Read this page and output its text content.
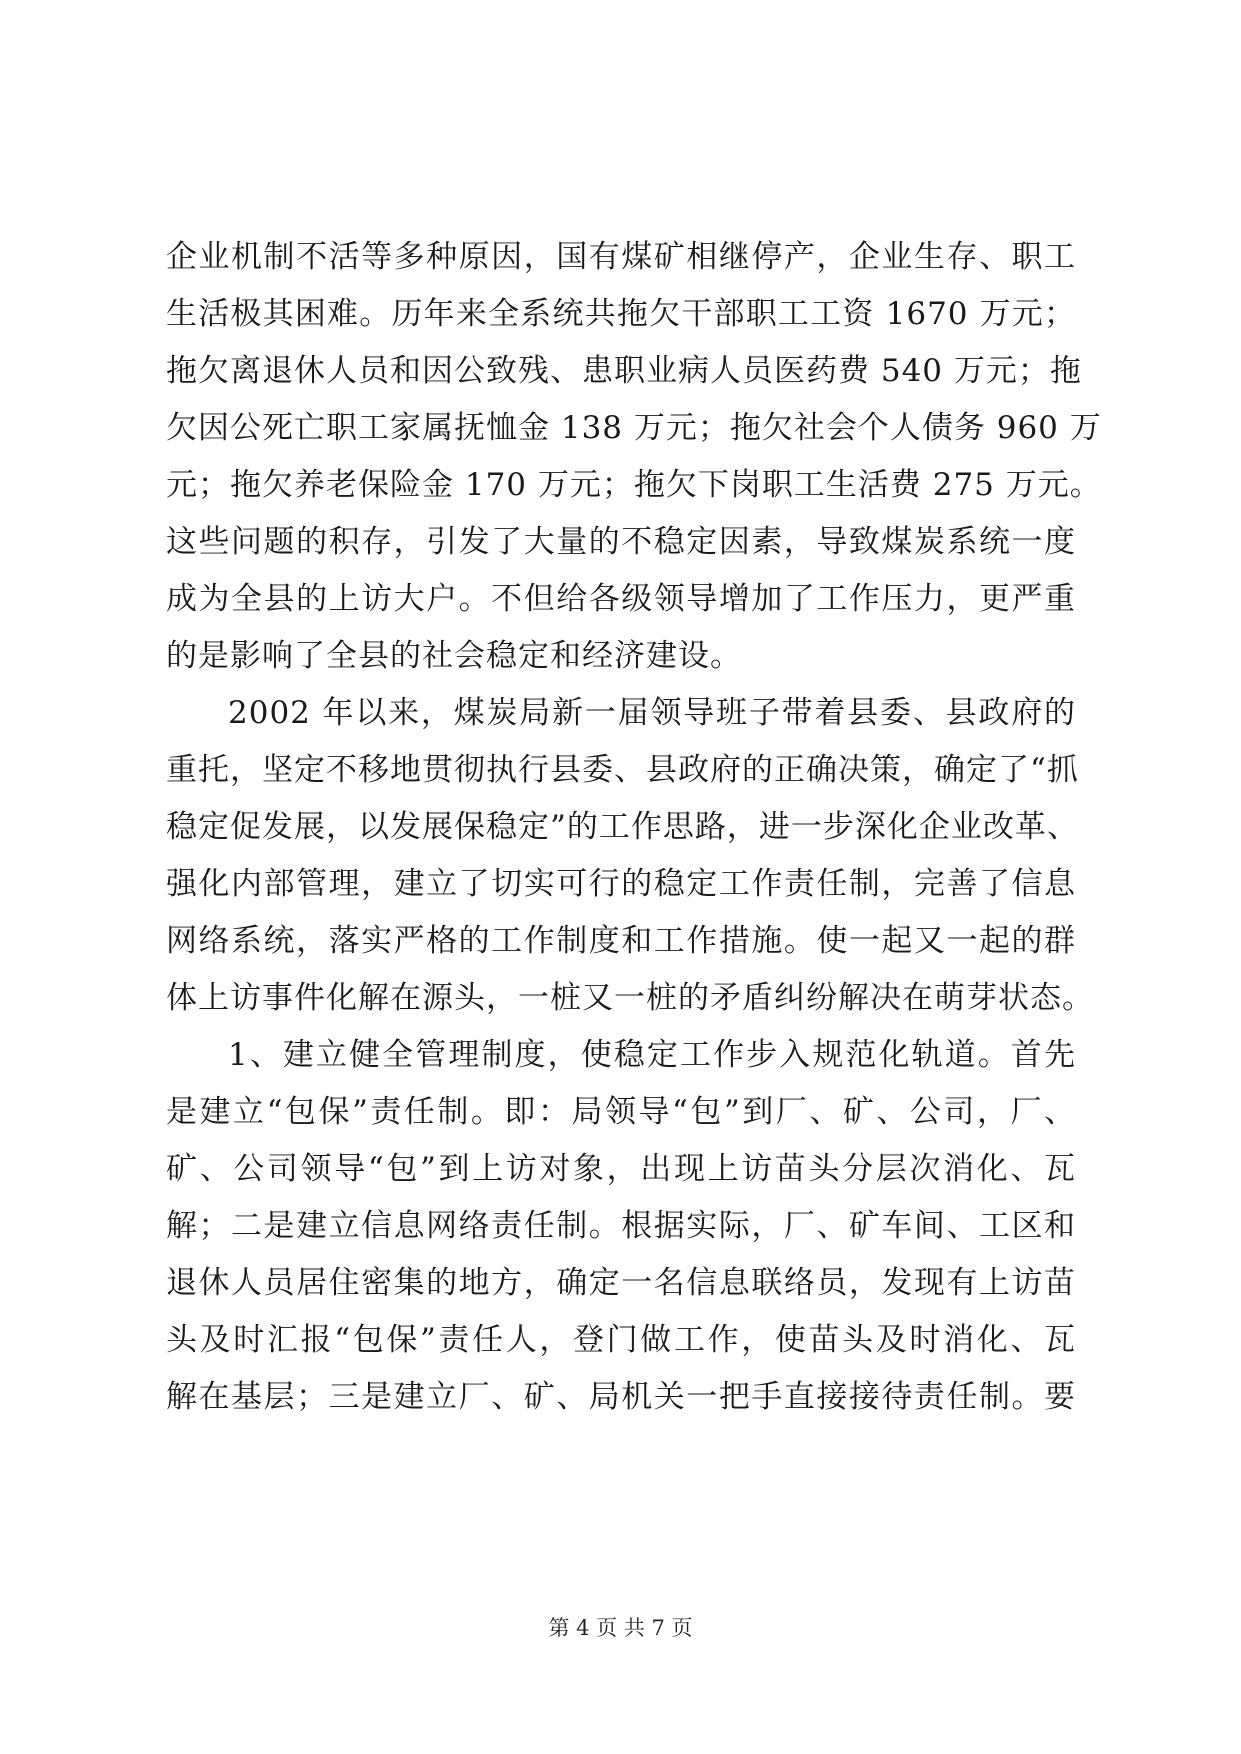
企业机制不活等多种原因，国有煤矿相继停产，企业生存、职工
生活极其困难。历年来全系统共拖欠干部职工工资 1670 万元；
拖欠离退休人员和因公致残、患职业病人员医药费 540 万元；拖
欠因公死亡职工家属抚恤金 138 万元；拖欠社会个人债务 960 万
元；拖欠养老保险金 170 万元；拖欠下岗职工生活费 275 万元。
这些问题的积存，引发了大量的不稳定因素，导致煤炭系统一度
成为全县的上访大户。不但给各级领导增加了工作压力，更严重
的是影响了全县的社会稳定和经济建设。
2002 年以来，煤炭局新一届领导班子带着县委、县政府的
重托，坚定不移地贯彻执行县委、县政府的正确决策，确定了“抓
稳定促发展，以发展保稳定”的工作思路，进一步深化企业改革、
强化内部管理，建立了切实可行的稳定工作责任制，完善了信息
网络系统，落实严格的工作制度和工作措施。使一起又一起的群
体上访事件化解在源头，一桩又一桩的矛盾纠纷解决在萌芽状态。
1、建立健全管理制度，使稳定工作步入规范化轨道。首先
是建立“包保”责任制。即：局领导“包”到厂、矿、公司，厂、
矿、公司领导“包”到上访对象，出现上访苗头分层次消化、瓦
解；二是建立信息网络责任制。根据实际，厂、矿车间、工区和
退休人员居住密集的地方，确定一名信息联络员，发现有上访苗
头及时汇报“包保”责任人，登门做工作，使苗头及时消化、瓦
解在基层；三是建立厂、矿、局机关一把手直接接待责任制。要
第 4 页 共 7 页
